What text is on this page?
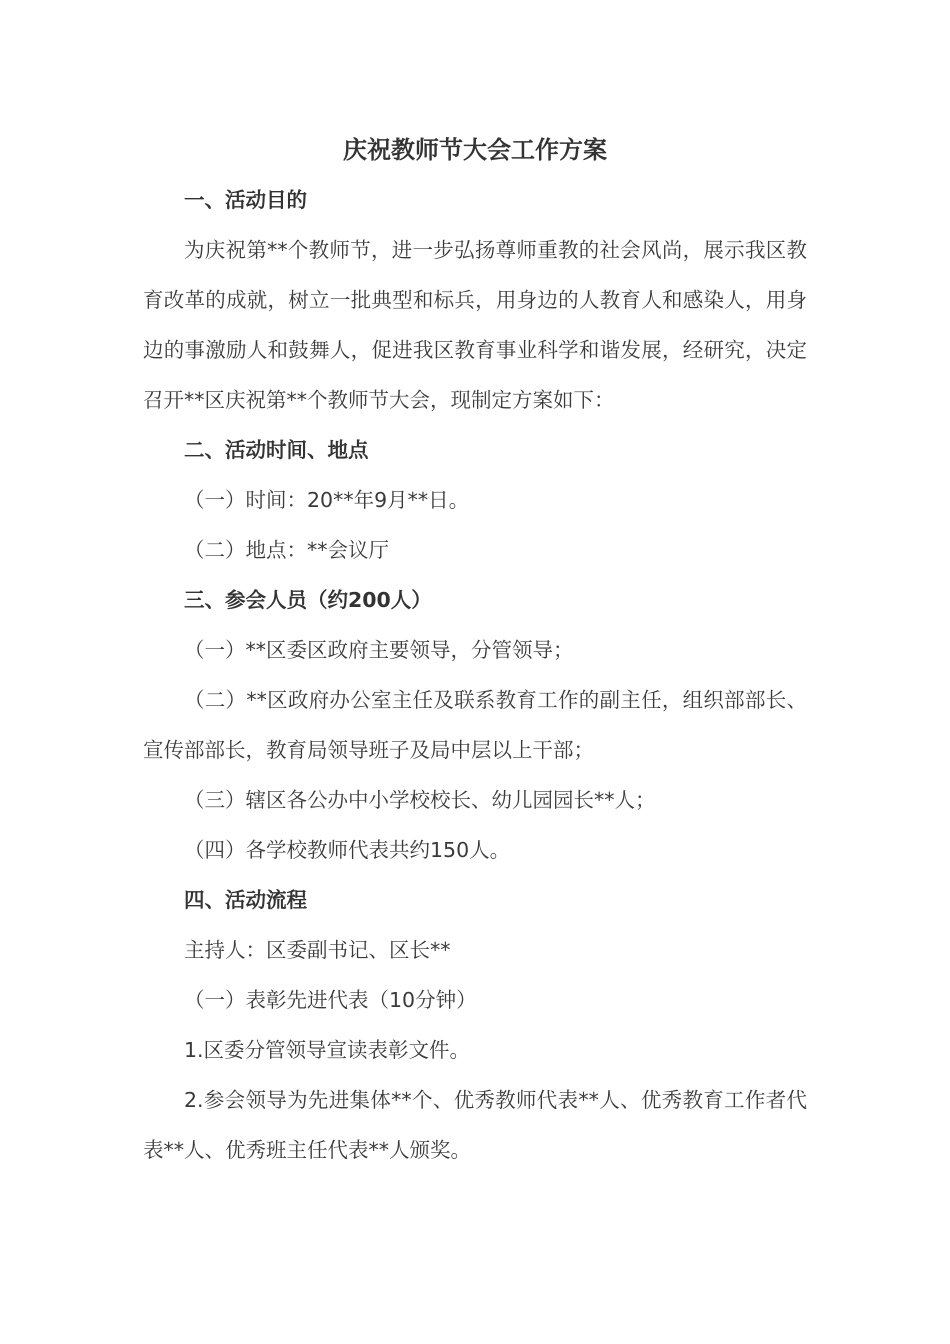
庆祝教师节大会工作方案

一、活动目的

为庆祝第**个教师节，进一步弘扬尊师重教的社会风尚，展示我区教育改革的成就，树立一批典型和标兵，用身边的人教育人和感染人，用身边的事激励人和鼓舞人，促进我区教育事业科学和谐发展，经研究，决定召开**区庆祝第**个教师节大会，现制定方案如下：

二、活动时间、地点

（一）时间：20**年9月**日。

（二）地点：**会议厅

三、参会人员（约200人）

（一）**区委区政府主要领导，分管领导；

（二）**区政府办公室主任及联系教育工作的副主任，组织部部长、宣传部部长，教育局领导班子及局中层以上干部；

（三）辖区各公办中小学校校长、幼儿园园长**人；

（四）各学校教师代表共约150人。

四、活动流程

主持人：区委副书记、区长**

（一）表彰先进代表（10分钟）

1.区委分管领导宣读表彰文件。

2.参会领导为先进集体**个、优秀教师代表**人、优秀教育工作者代表**人、优秀班主任代表**人颁奖。
